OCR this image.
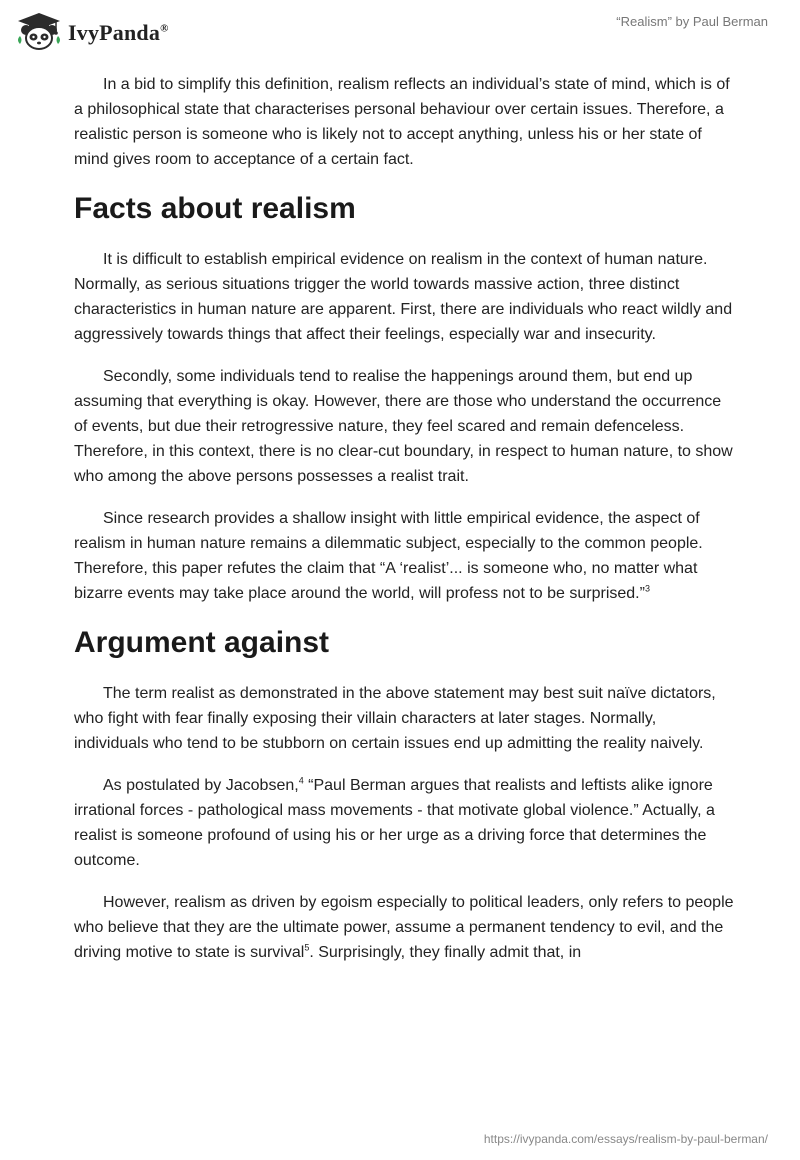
IvyPanda®	“Realism” by Paul Berman

In a bid to simplify this definition, realism reflects an individual’s state of mind, which is of a philosophical state that characterises personal behaviour over certain issues. Therefore, a realistic person is someone who is likely not to accept anything, unless his or her state of mind gives room to acceptance of a certain fact.

Facts about realism

It is difficult to establish empirical evidence on realism in the context of human nature. Normally, as serious situations trigger the world towards massive action, three distinct characteristics in human nature are apparent. First, there are individuals who react wildly and aggressively towards things that affect their feelings, especially war and insecurity.

Secondly, some individuals tend to realise the happenings around them, but end up assuming that everything is okay. However, there are those who understand the occurrence of events, but due their retrogressive nature, they feel scared and remain defenceless. Therefore, in this context, there is no clear-cut boundary, in respect to human nature, to show who among the above persons possesses a realist trait.

Since research provides a shallow insight with little empirical evidence, the aspect of realism in human nature remains a dilemmatic subject, especially to the common people. Therefore, this paper refutes the claim that “A ‘realist’... is someone who, no matter what bizarre events may take place around the world, will profess not to be surprised.”$^3$

Argument against

The term realist as demonstrated in the above statement may best suit naïve dictators, who fight with fear finally exposing their villain characters at later stages. Normally, individuals who tend to be stubborn on certain issues end up admitting the reality naively.

As postulated by Jacobsen,$^4$ “Paul Berman argues that realists and leftists alike ignore irrational forces - pathological mass movements - that motivate global violence.” Actually, a realist is someone profound of using his or her urge as a driving force that determines the outcome.

However, realism as driven by egoism especially to political leaders, only refers to people who believe that they are the ultimate power, assume a permanent tendency to evil, and the driving motive to state is survival$^5$. Surprisingly, they finally admit that, in

https://ivypanda.com/essays/realism-by-paul-berman/
